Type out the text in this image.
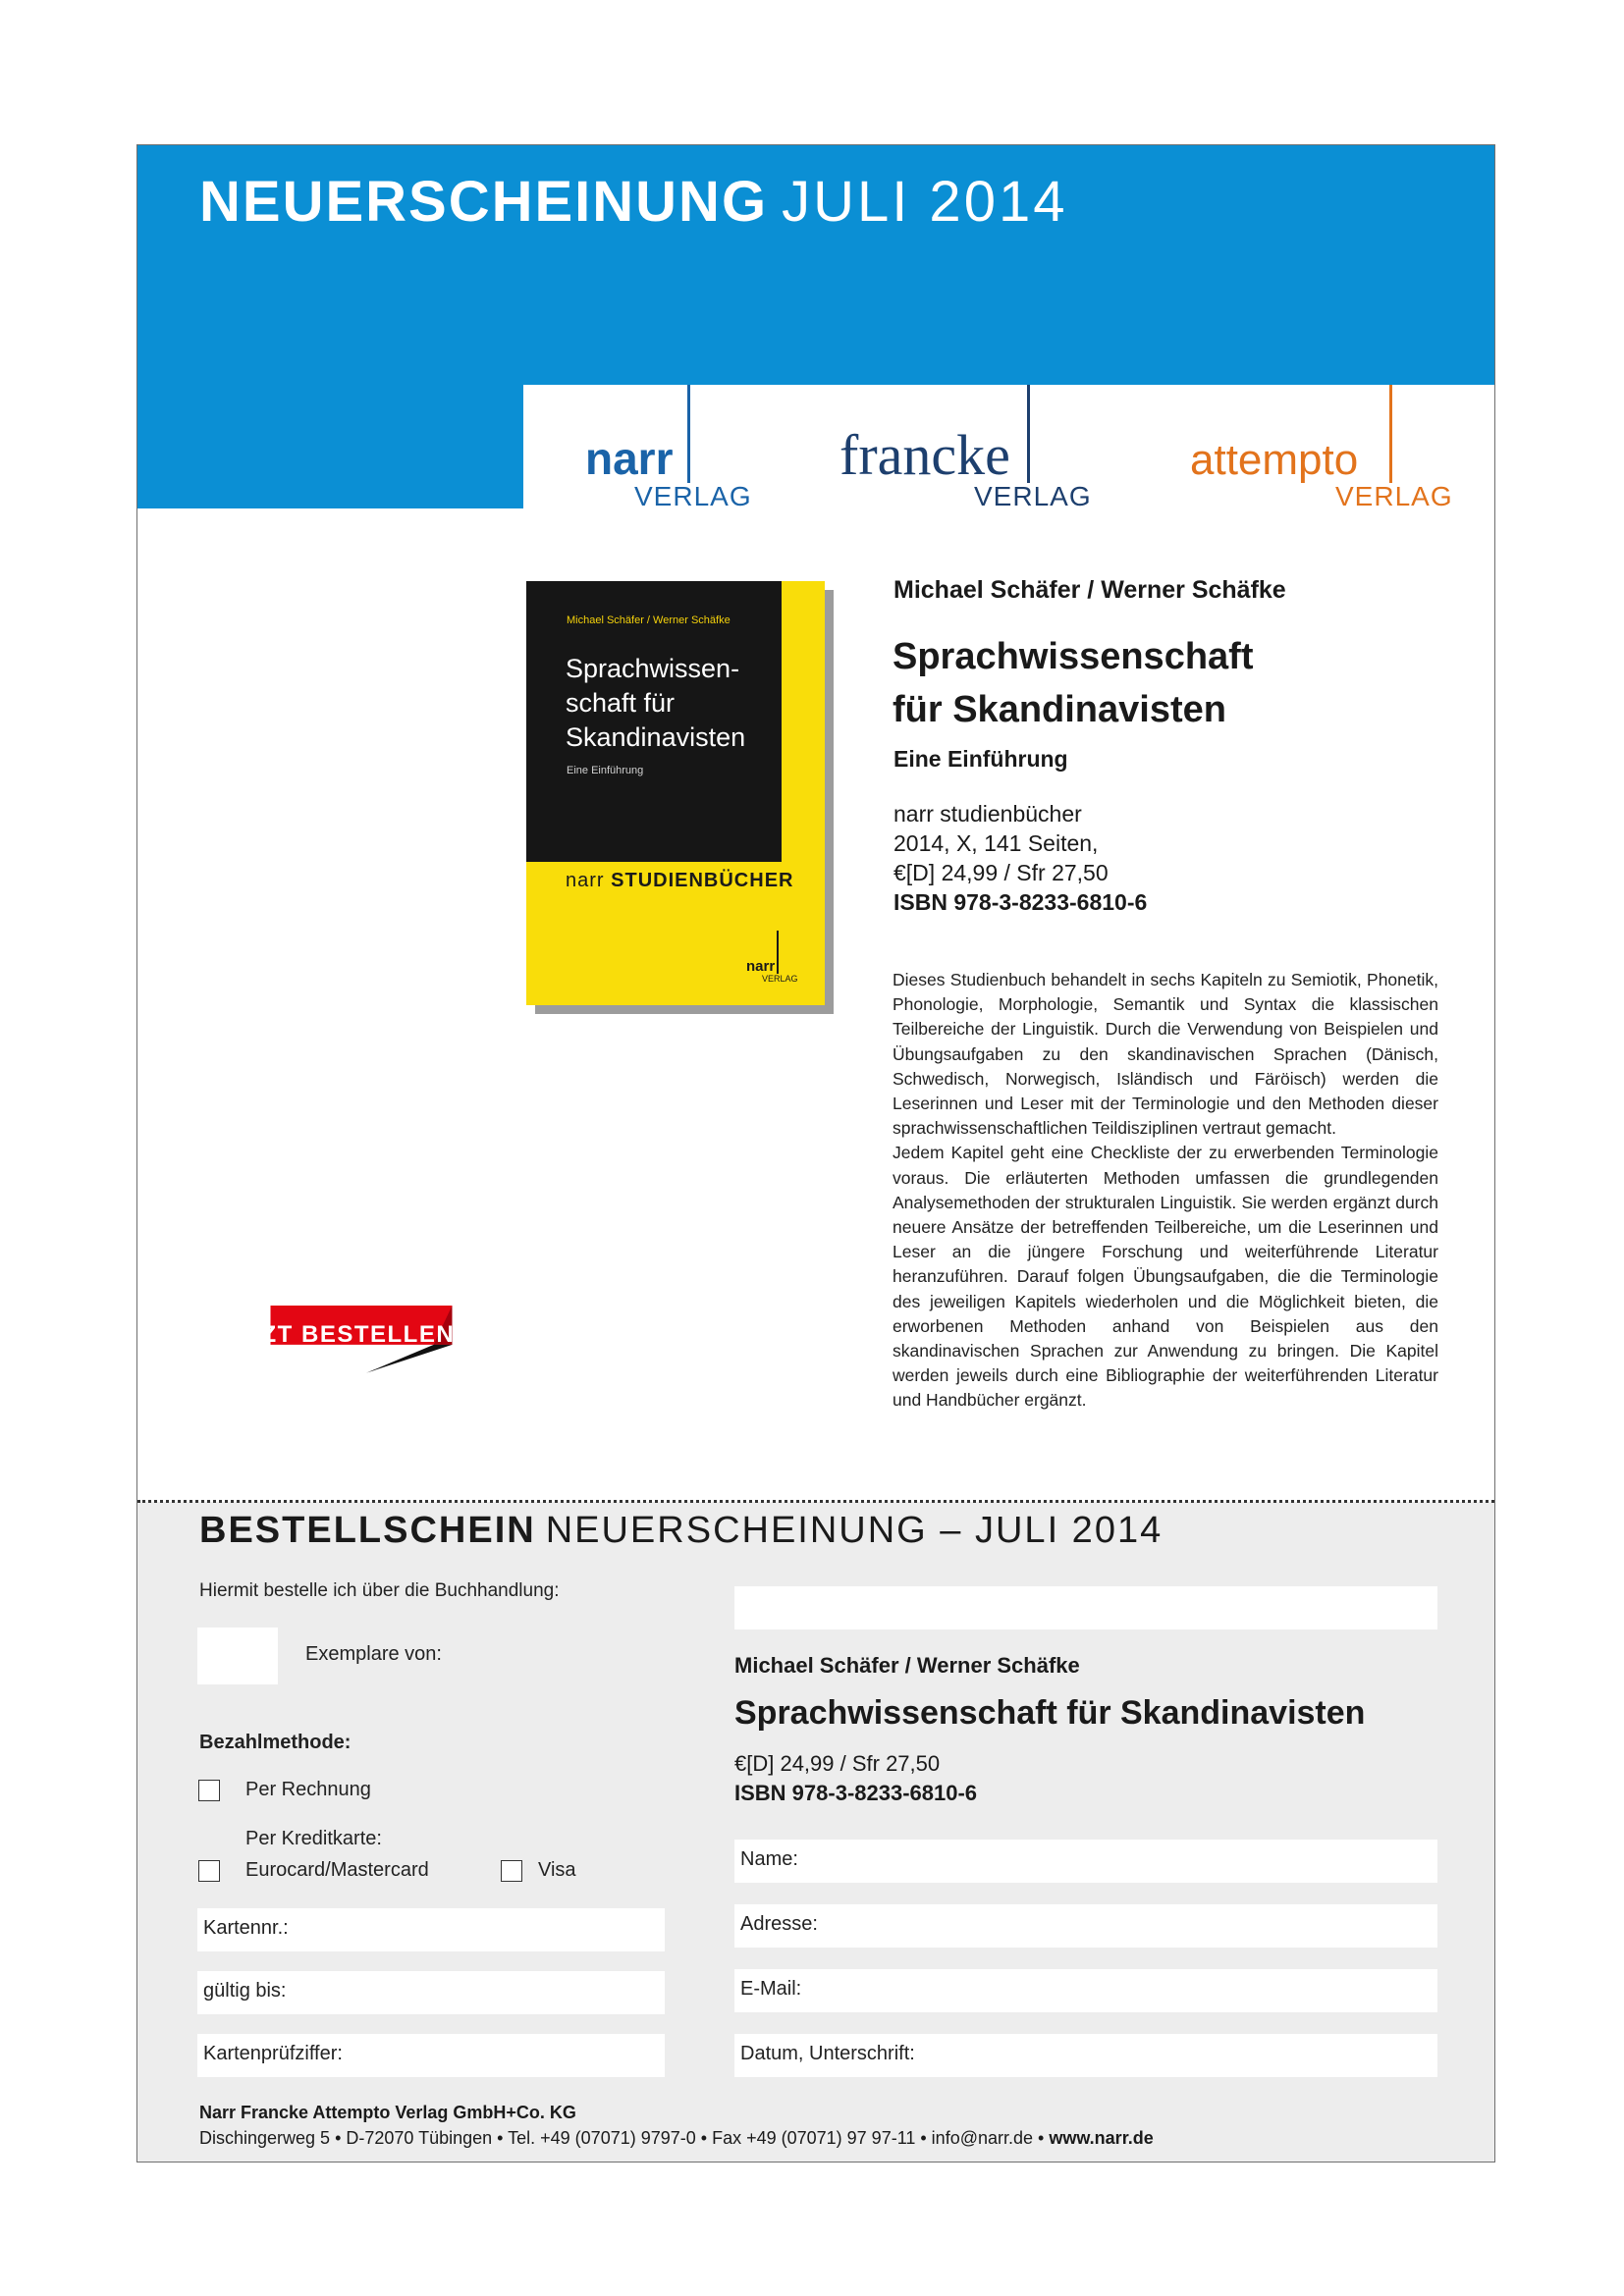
NEUERSCHEINUNG JULI 2014
narr
VERLAG
francke
VERLAG
attempto
VERLAG
Michael Schäfer / Werner Schäfke
Sprachwissen-schaft für Skandinavisten
Eine Einführung
narr STUDIENBÜCHER
narr
VERLAG
Michael Schäfer / Werner Schäfke
Sprachwissenschaft
für Skandinavisten
Eine Einführung
narr studienbücher
2014, X, 141 Seiten,
€[D] 24,99 / Sfr 27,50
ISBN 978-3-8233-6810-6
Dieses Studienbuch behandelt in sechs Kapiteln zu Semiotik, Phonetik, Phonologie, Morphologie, Semantik und Syntax die klassischen Teilbereiche der Linguistik. Durch die Verwendung von Beispielen und Übungsaufgaben zu den skandinavischen Sprachen (Dänisch, Schwedisch, Norwegisch, Isländisch und Färöisch) werden die Leserinnen und Leser mit der Terminologie und den Methoden dieser sprachwissenschaftlichen Teildisziplinen vertraut gemacht.
Jedem Kapitel geht eine Checkliste der zu erwerbenden Terminologie voraus. Die erläuterten Methoden umfassen die grundlegenden Analysemethoden der strukturalen Linguistik. Sie werden ergänzt durch neuere Ansätze der betreffenden Teilbereiche, um die Leserinnen und Leser an die jüngere Forschung und weiterführende Literatur heranzuführen. Darauf folgen Übungsaufgaben, die die Terminologie des jeweiligen Kapitels wiederholen und die Möglichkeit bieten, die erworbenen Methoden anhand von Beispielen aus den skandinavischen Sprachen zur Anwendung zu bringen. Die Kapitel werden jeweils durch eine Bibliographie der weiterführenden Literatur und Handbücher ergänzt.
JETZT BESTELLEN!
BESTELLSCHEIN NEUERSCHEINUNG – JULI 2014
Hiermit bestelle ich über die Buchhandlung:
Exemplare von:
Bezahlmethode:
Per Rechnung
Per Kreditkarte:
Eurocard/Mastercard	Visa
Kartennr.:
gültig bis:
Kartenprüfziffer:
Michael Schäfer / Werner Schäfke
Sprachwissenschaft für Skandinavisten
€[D] 24,99 / Sfr 27,50
ISBN 978-3-8233-6810-6
Name:
Adresse:
E-Mail:
Datum, Unterschrift:
Narr Francke Attempto Verlag GmbH+Co. KG
Dischingerweg 5 • D-72070 Tübingen • Tel. +49 (07071) 9797-0 • Fax +49 (07071) 97 97-11 • info@narr.de • www.narr.de
